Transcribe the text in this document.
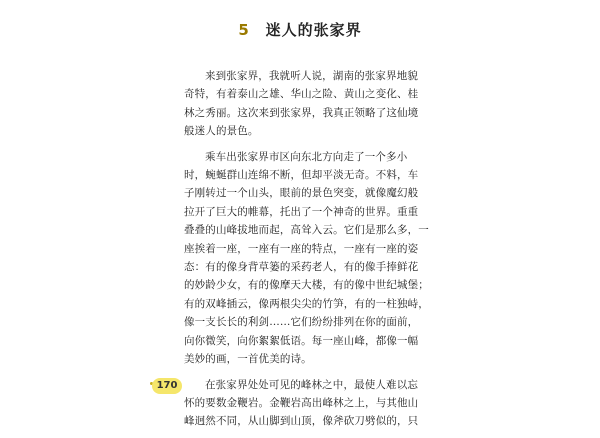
5 迷人的张家界
来到张家界，我就听人说，湖南的张家界地貌
奇特，有着泰山之雄、华山之险、黄山之变化、桂
林之秀丽。这次来到张家界，我真正领略了这仙境
般迷人的景色。
乘车出张家界市区向东北方向走了一个多小
时，蜿蜒群山连绵不断，但却平淡无奇。不料，车
子刚转过一个山头，眼前的景色突变，就像魔幻般
拉开了巨大的帷幕，托出了一个神奇的世界。重重
叠叠的山峰拔地而起，高耸入云。它们是那么多，一
座挨着一座，一座有一座的特点，一座有一座的姿
态：有的像身背草篓的采药老人，有的像手捧鲜花
的妙龄少女，有的像摩天大楼，有的像中世纪城堡；
有的双峰插云，像两根尖尖的竹笋，有的一柱独峙，
像一支长长的利剑……它们纷纷排列在你的面前，
向你微笑，向你絮絮低语。每一座山峰，都像一幅
美妙的画，一首优美的诗。
在张家界处处可见的峰林之中，最使人难以忘
怀的要数金鞭岩。金鞭岩高出峰林之上，与其他山
峰迥然不同，从山脚到山顶，像斧砍刀劈似的，只
170
